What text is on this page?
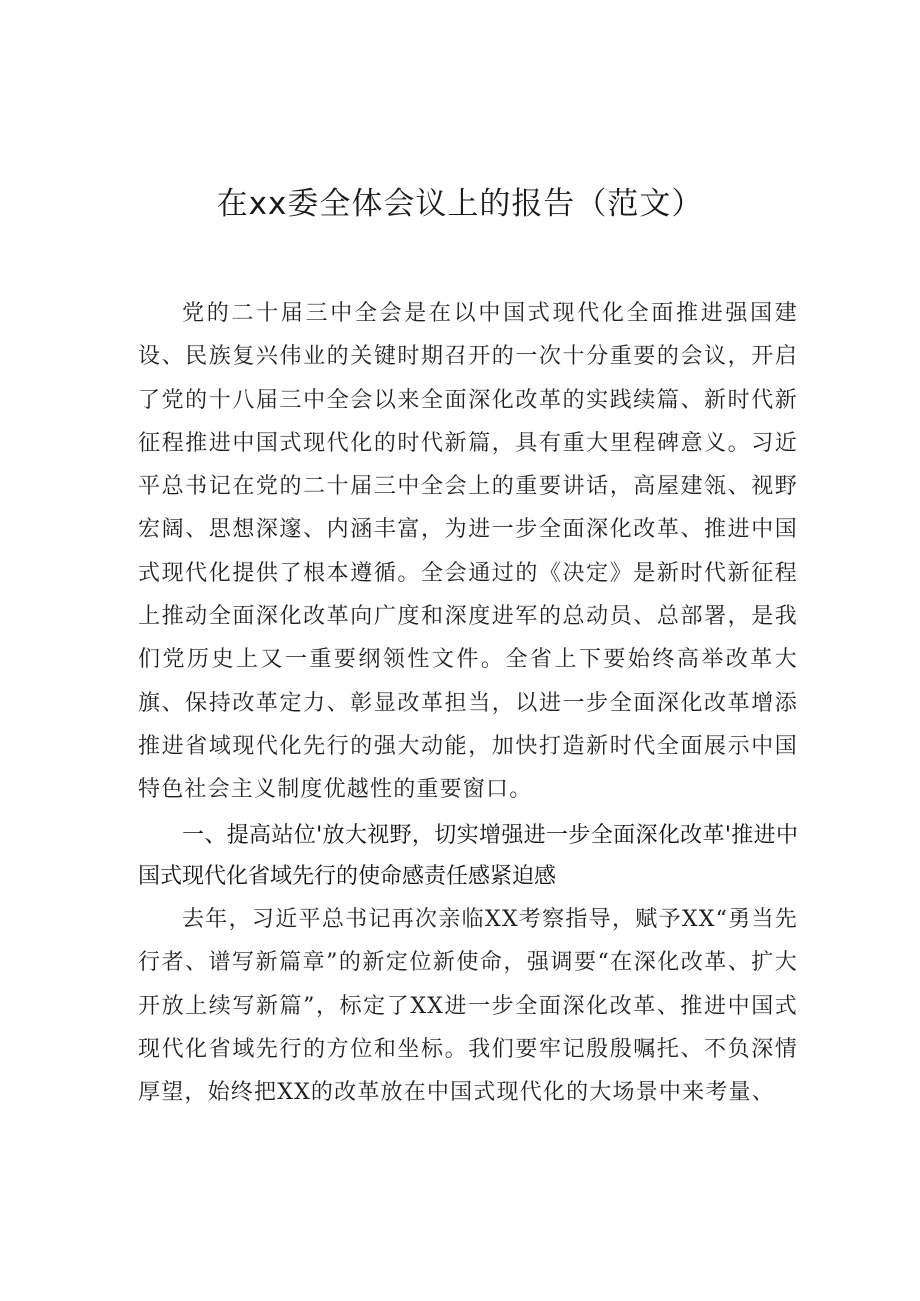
在xx委全体会议上的报告（范文）

党的二十届三中全会是在以中国式现代化全面推进强国建设、民族复兴伟业的关键时期召开的一次十分重要的会议，开启了党的十八届三中全会以来全面深化改革的实践续篇、新时代新征程推进中国式现代化的时代新篇，具有重大里程碑意义。习近平总书记在党的二十届三中全会上的重要讲话，高屋建瓴、视野宏阔、思想深邃、内涵丰富，为进一步全面深化改革、推进中国式现代化提供了根本遵循。全会通过的《决定》是新时代新征程上推动全面深化改革向广度和深度进军的总动员、总部署，是我们党历史上又一重要纲领性文件。全省上下要始终高举改革大旗、保持改革定力、彰显改革担当，以进一步全面深化改革增添推进省域现代化先行的强大动能，加快打造新时代全面展示中国特色社会主义制度优越性的重要窗口。

一、提高站位'放大视野，切实增强进一步全面深化改革'推进中国式现代化省域先行的使命感责任感紧迫感

去年，习近平总书记再次亲临XX考察指导，赋予XX“勇当先行者、谱写新篇章”的新定位新使命，强调要“在深化改革、扩大开放上续写新篇”，标定了XX进一步全面深化改革、推进中国式现代化省域先行的方位和坐标。我们要牢记殷殷嘱托、不负深情厚望，始终把XX的改革放在中国式现代化的大场景中来考量、
